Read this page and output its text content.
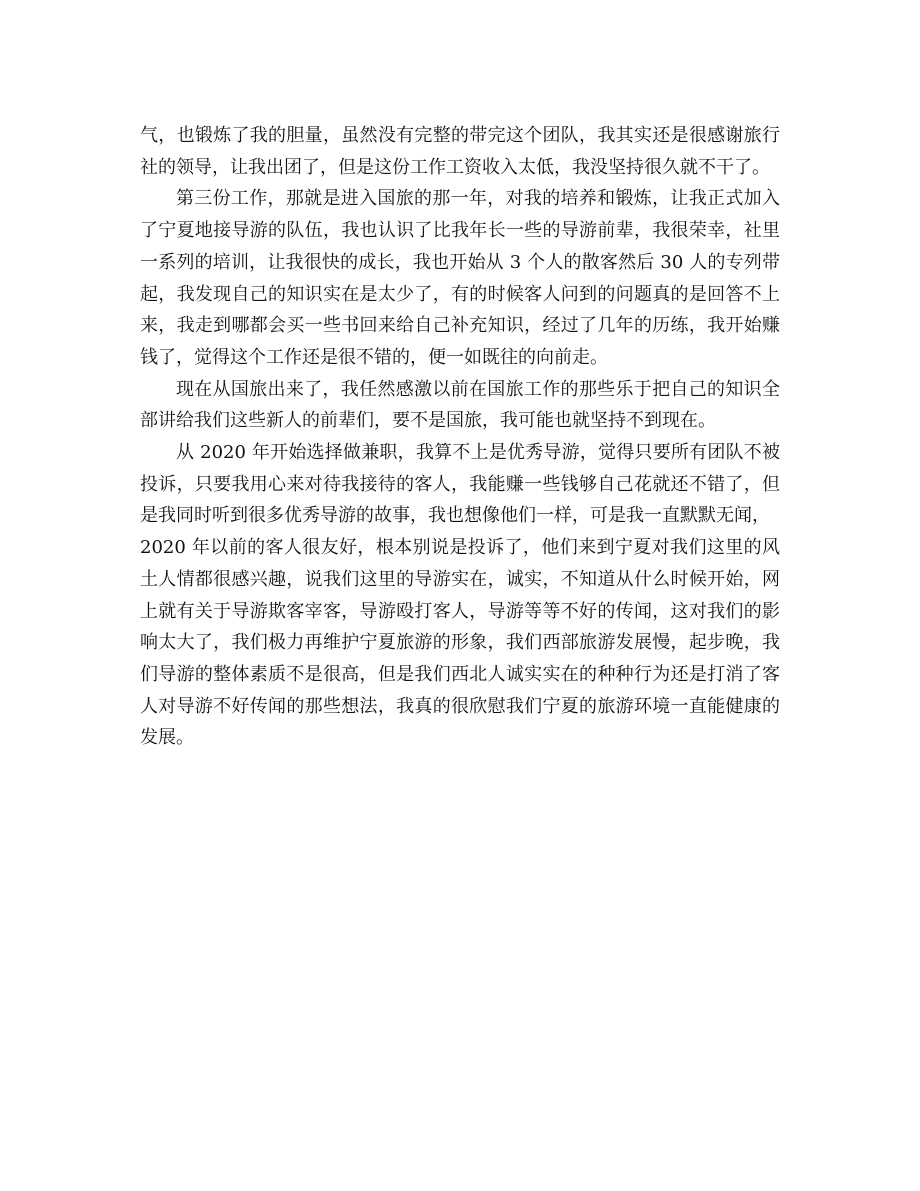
气，也锻炼了我的胆量，虽然没有完整的带完这个团队，我其实还是很感谢旅行社的领导，让我出团了，但是这份工作工资收入太低，我没坚持很久就不干了。

第三份工作，那就是进入国旅的那一年，对我的培养和锻炼，让我正式加入了宁夏地接导游的队伍，我也认识了比我年长一些的导游前辈，我很荣幸，社里一系列的培训，让我很快的成长，我也开始从 3 个人的散客然后 30 人的专列带起，我发现自己的知识实在是太少了，有的时候客人问到的问题真的是回答不上来，我走到哪都会买一些书回来给自己补充知识，经过了几年的历练，我开始赚钱了，觉得这个工作还是很不错的，便一如既往的向前走。

现在从国旅出来了，我任然感激以前在国旅工作的那些乐于把自己的知识全部讲给我们这些新人的前辈们，要不是国旅，我可能也就坚持不到现在。

从 2020 年开始选择做兼职，我算不上是优秀导游，觉得只要所有团队不被投诉，只要我用心来对待我接待的客人，我能赚一些钱够自己花就还不错了，但是我同时听到很多优秀导游的故事，我也想像他们一样，可是我一直默默无闻，

2020 年以前的客人很友好，根本别说是投诉了，他们来到宁夏对我们这里的风土人情都很感兴趣，说我们这里的导游实在，诚实，不知道从什么时候开始，网上就有关于导游欺客宰客，导游殴打客人，导游等等不好的传闻，这对我们的影响太大了，我们极力再维护宁夏旅游的形象，我们西部旅游发展慢，起步晚，我们导游的整体素质不是很高，但是我们西北人诚实实在的种种行为还是打消了客人对导游不好传闻的那些想法，我真的很欣慰我们宁夏的旅游环境一直能健康的发展。
